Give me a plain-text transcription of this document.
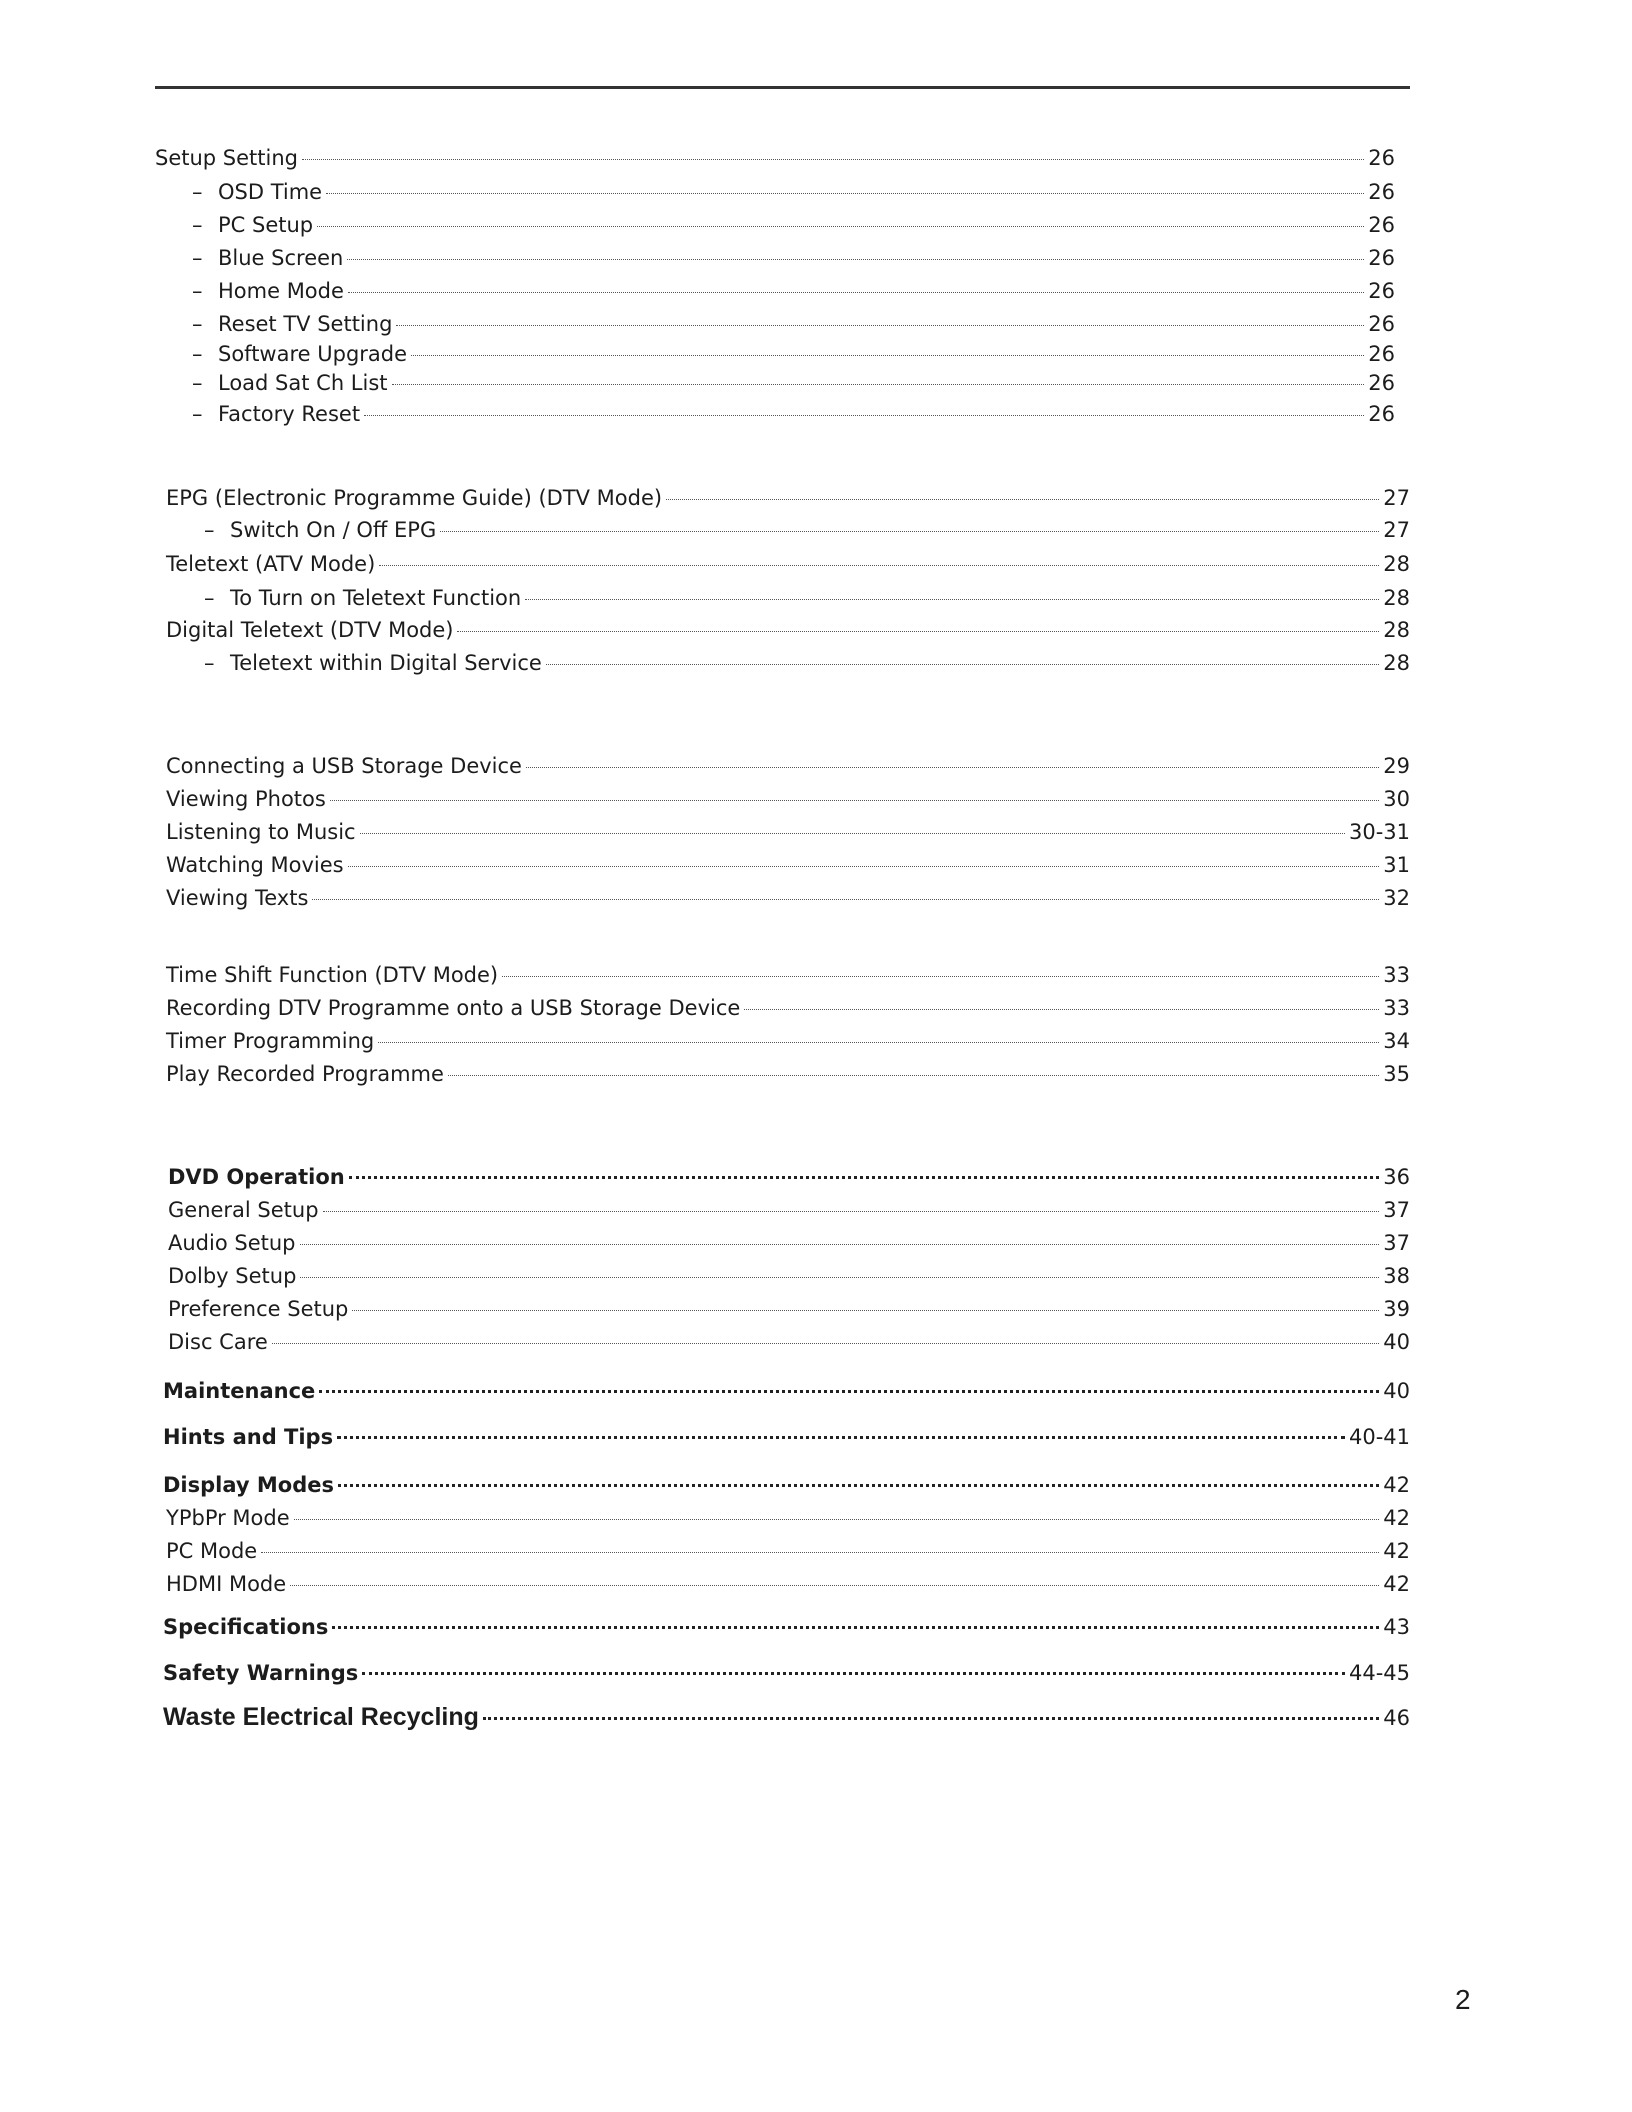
Setup Setting	26
– OSD Time	26
– PC Setup	26
– Blue Screen	26
– Home Mode	26
– Reset TV Setting	26
– Software Upgrade	26
– Load Sat Ch List	26
– Factory Reset	26
EPG (Electronic Programme Guide) (DTV Mode)	27
– Switch On / Off EPG	27
Teletext (ATV Mode)	28
– To Turn on Teletext Function	28
Digital Teletext (DTV Mode)	28
– Teletext within Digital Service	28
Connecting a USB Storage Device	29
Viewing Photos	30
Listening to Music	30-31
Watching Movies	31
Viewing Texts	32
Time Shift Function (DTV Mode)	33
Recording DTV Programme onto a USB Storage Device	33
Timer Programming	34
Play Recorded Programme	35
DVD Operation	36
General Setup	37
Audio Setup	37
Dolby Setup	38
Preference Setup	39
Disc Care	40
Maintenance	40
Hints and Tips	40-41
Display Modes	42
YPbPr Mode	42
PC Mode	42
HDMI Mode	42
Specifications	43
Safety Warnings	44-45
Waste Electrical Recycling	46
2
